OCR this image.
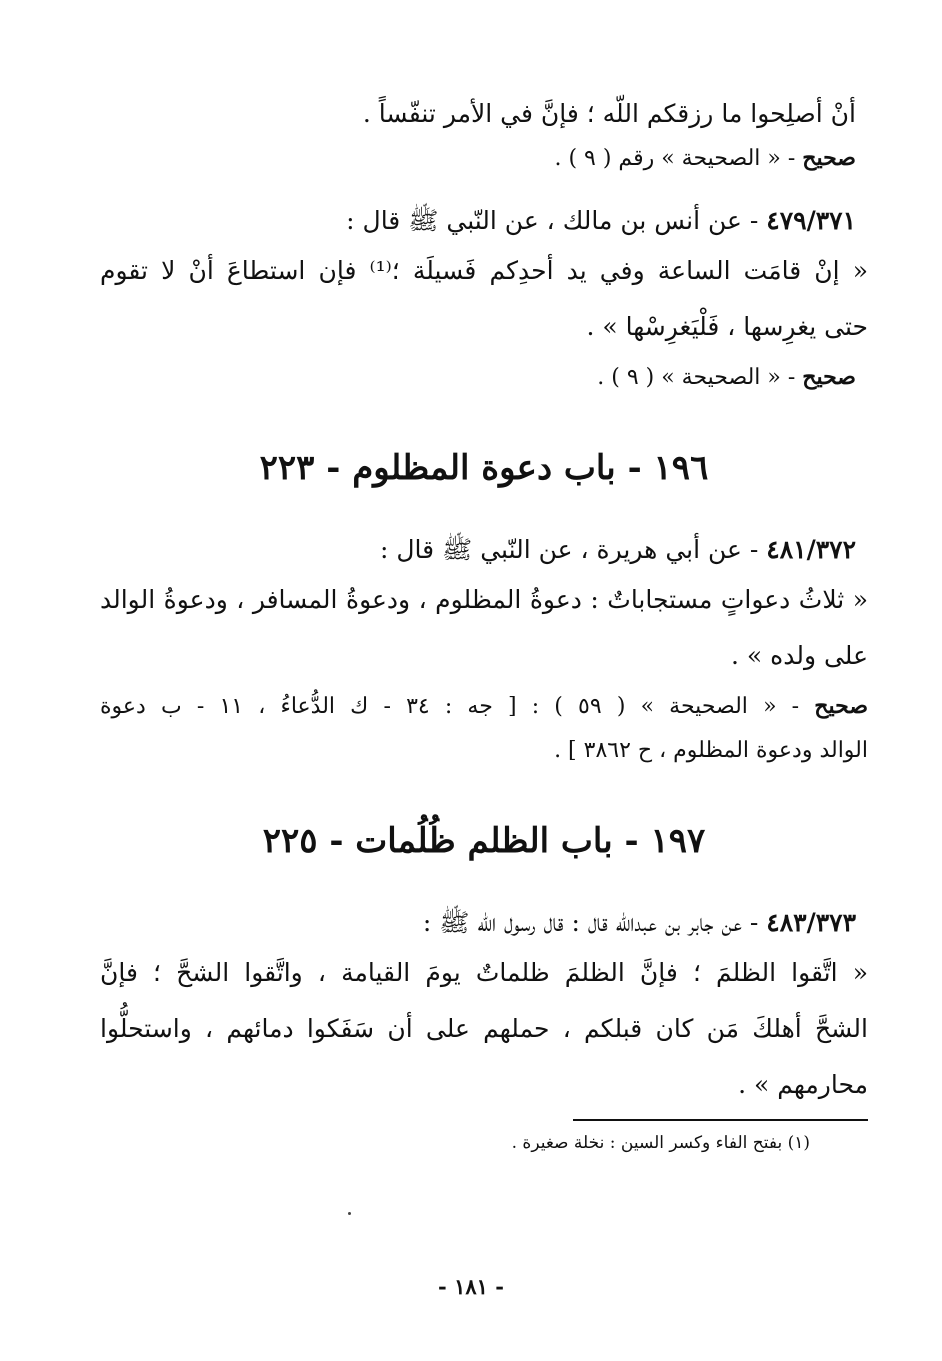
أنْ أصلِحوا ما رزقكم اللّه ؛ فإنَّ في الأمر تنفّساً .

صحيح - « الصحيحة » رقم ( ٩ ) .

٤٧٩/٣٧١ - عن أنس بن مالك ، عن النّبي ﷺ قال :

« إنْ قامَت الساعة وفي يد أحدِكم فَسيلَة ؛⁽¹⁾ فإن استطاعَ أنْ لا تقوم

حتى يغرِسها ، فَلْيَغرِسْها » .

صحيح - « الصحيحة » ( ٩ ) .

١٩٦ - باب دعوة المظلوم - ٢٢٣

٤٨١/٣٧٢ - عن أبي هريرة ، عن النّبي ﷺ قال :

« ثلاثُ دعواتٍ مستجاباتٌ : دعوةُ المظلوم ، ودعوةُ المسافر ، ودعوةُ الوالد

على ولده » .

صحيح - « الصحيحة » ( ٥٩ ) : [ جه : ٣٤ - ك الدُّعاءُ ، ١١ - ب دعوة

الوالد ودعوة المظلوم ، ح ٣٨٦٢ ] .

١٩٧ - باب الظلم ظُلُمات - ٢٢٥

٤٨٣/٣٧٣ - عن جابر بن عبدالله قال : قال رسول الله ﷺ :

« اتَّقوا الظلمَ ؛ فإنَّ الظلمَ ظلماتٌ يومَ القيامة ، واتَّقوا الشحَّ ؛ فإنَّ

الشحَّ أهلكَ مَن كان قبلكم ، حملهم على أن سَفَكوا دمائهم ، واستحلُّوا

محارمهم » .

(١) بفتح الفاء وكسر السين : نخلة صغيرة .

- ١٨١ -
